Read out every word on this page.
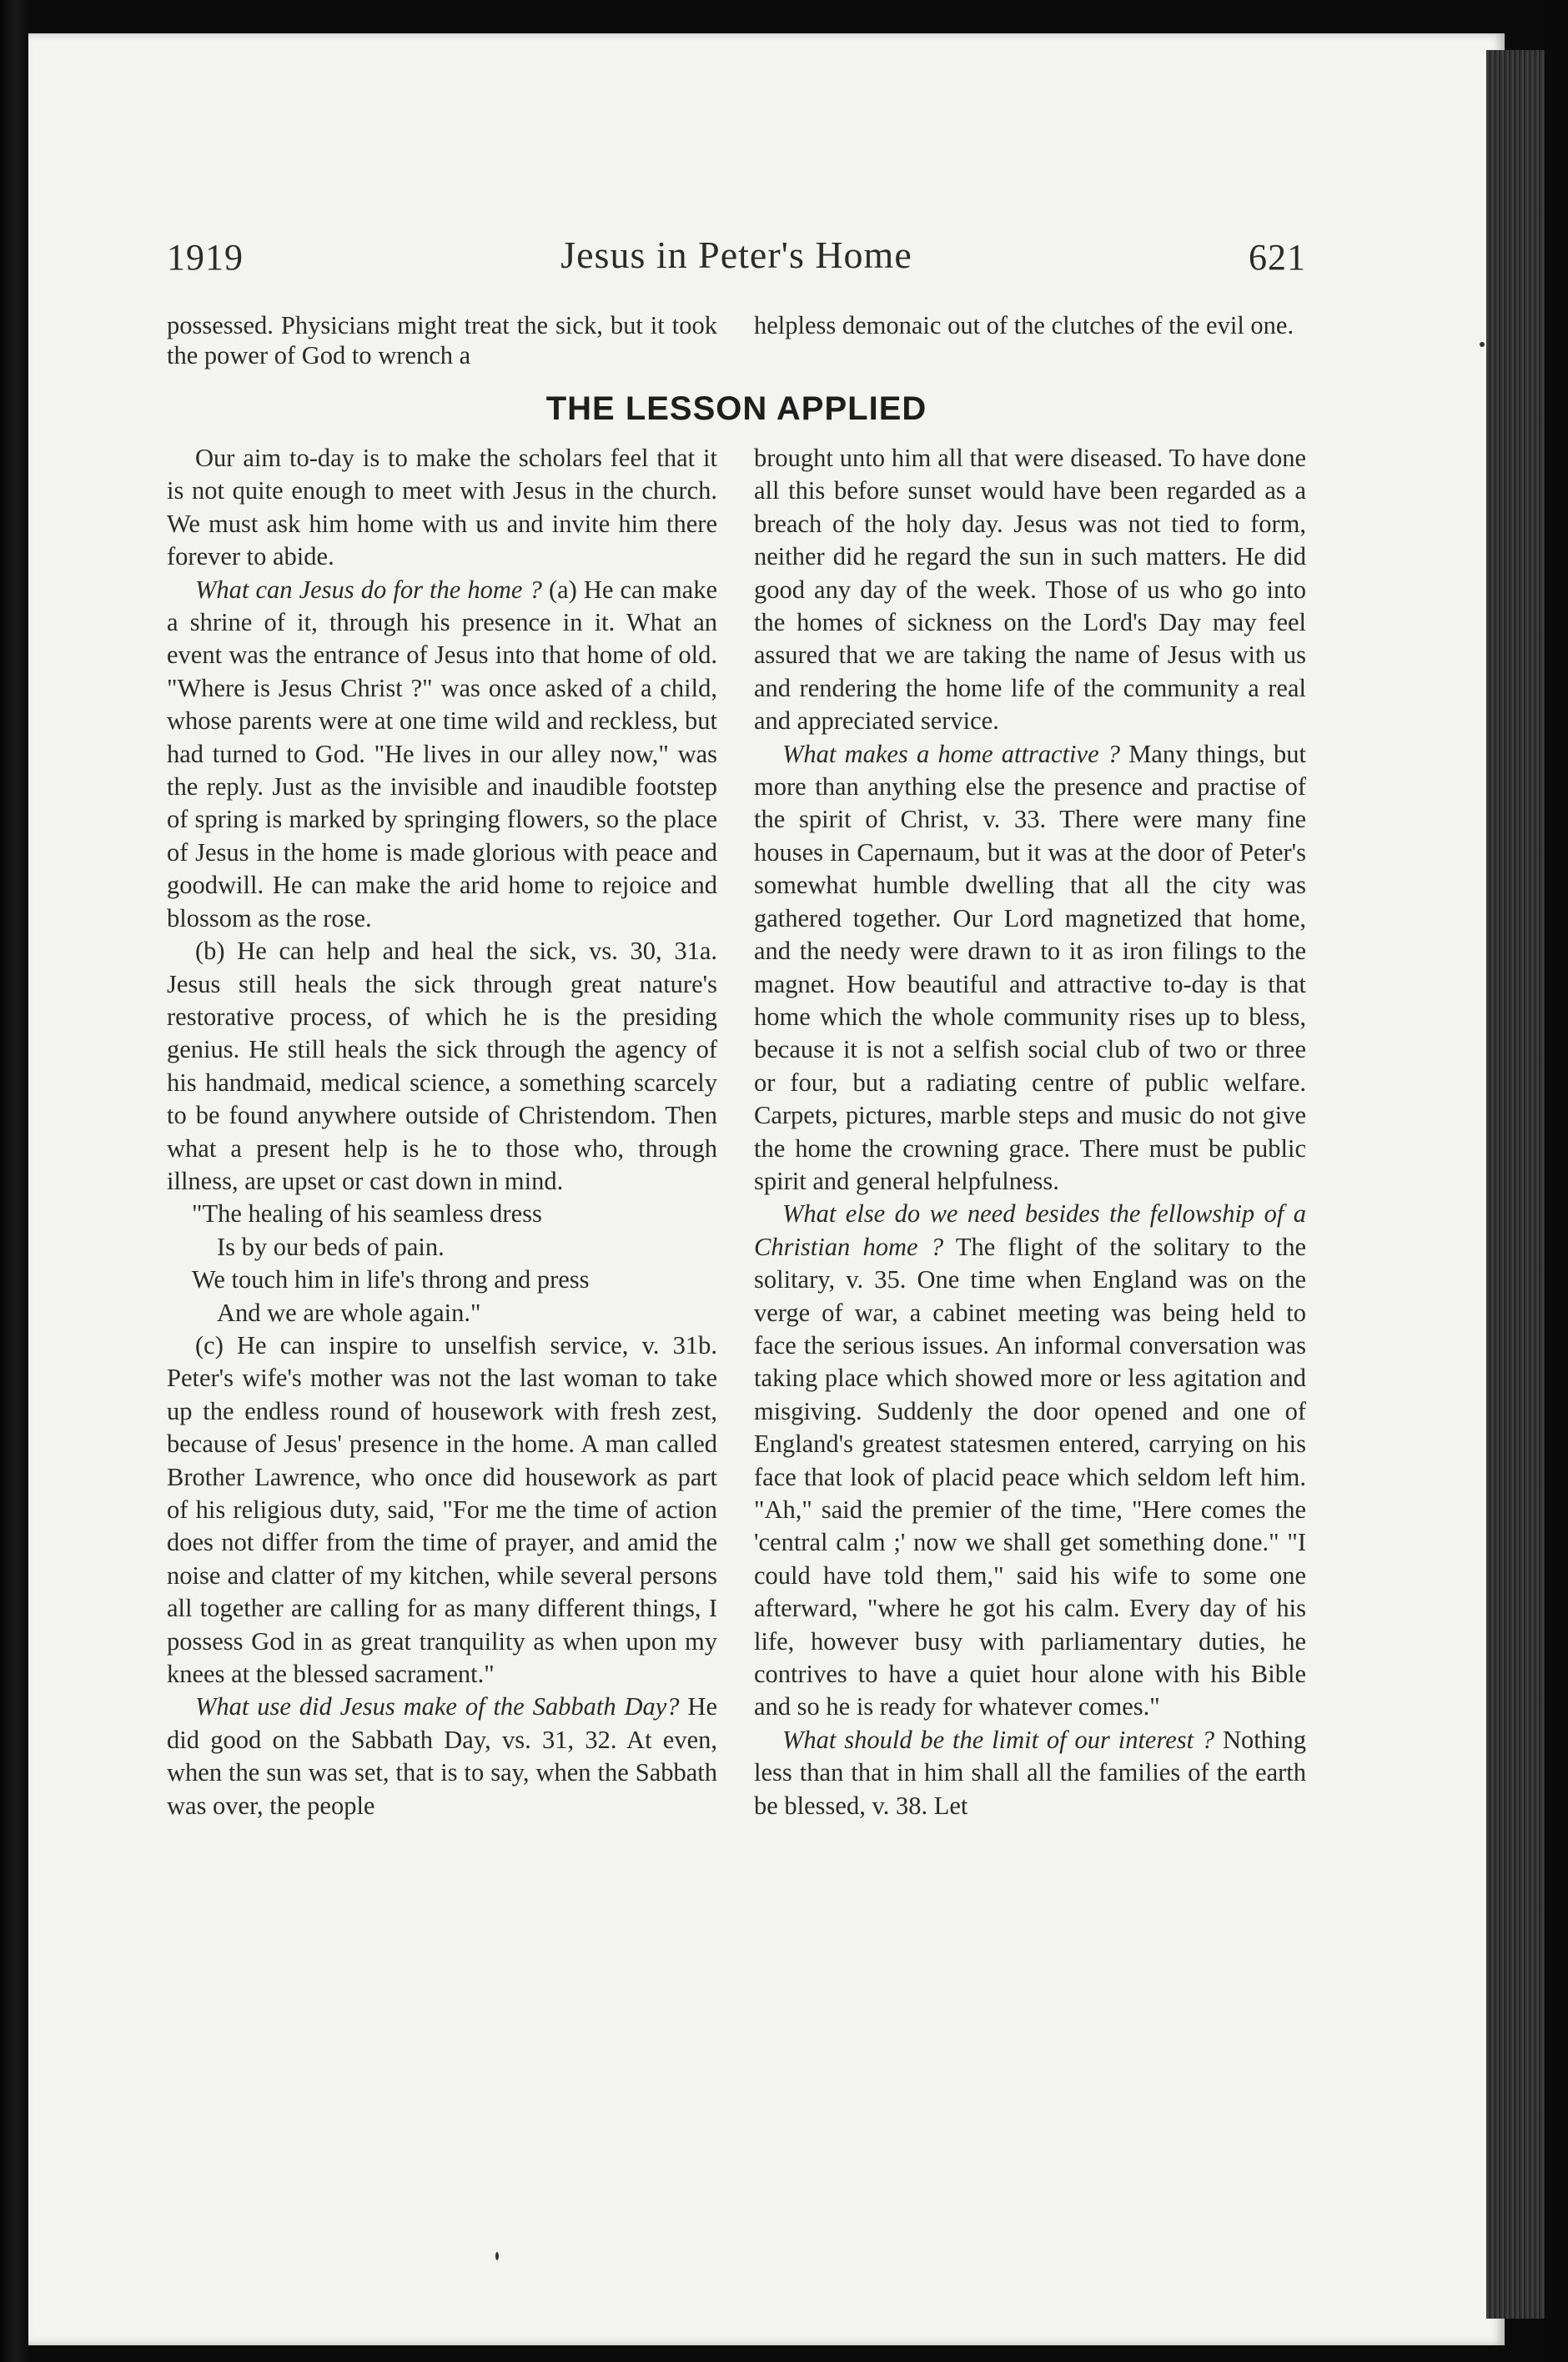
1919	Jesus in Peter's Home	621

possessed. Physicians might treat the sick, but it took the power of God to wrench a

helpless demonaic out of the clutches of the evil one.

THE LESSON APPLIED

Our aim to-day is to make the scholars feel that it is not quite enough to meet with Jesus in the church. We must ask him home with us and invite him there forever to abide.

What can Jesus do for the home ? (a) He can make a shrine of it, through his presence in it. What an event was the entrance of Jesus into that home of old. "Where is Jesus Christ ?" was once asked of a child, whose parents were at one time wild and reckless, but had turned to God. "He lives in our alley now," was the reply. Just as the invisible and inaudible footstep of spring is marked by springing flowers, so the place of Jesus in the home is made glorious with peace and goodwill. He can make the arid home to rejoice and blossom as the rose.

(b) He can help and heal the sick, vs. 30, 31a. Jesus still heals the sick through great nature's restorative process, of which he is the presiding genius. He still heals the sick through the agency of his handmaid, medical science, a something scarcely to be found anywhere outside of Christendom. Then what a present help is he to those who, through illness, are upset or cast down in mind.

"The healing of his seamless dress
Is by our beds of pain.
We touch him in life's throng and press
And we are whole again."

(c) He can inspire to unselfish service, v. 31b. Peter's wife's mother was not the last woman to take up the endless round of housework with fresh zest, because of Jesus' presence in the home. A man called Brother Lawrence, who once did housework as part of his religious duty, said, "For me the time of action does not differ from the time of prayer, and amid the noise and clatter of my kitchen, while several persons all together are calling for as many different things, I possess God in as great tranquility as when upon my knees at the blessed sacrament."

What use did Jesus make of the Sabbath Day? He did good on the Sabbath Day, vs. 31, 32. At even, when the sun was set, that is to say, when the Sabbath was over, the people

brought unto him all that were diseased. To have done all this before sunset would have been regarded as a breach of the holy day. Jesus was not tied to form, neither did he regard the sun in such matters. He did good any day of the week. Those of us who go into the homes of sickness on the Lord's Day may feel assured that we are taking the name of Jesus with us and rendering the home life of the community a real and appreciated service.

What makes a home attractive ? Many things, but more than anything else the presence and practise of the spirit of Christ, v. 33. There were many fine houses in Capernaum, but it was at the door of Peter's somewhat humble dwelling that all the city was gathered together. Our Lord magnetized that home, and the needy were drawn to it as iron filings to the magnet. How beautiful and attractive to-day is that home which the whole community rises up to bless, because it is not a selfish social club of two or three or four, but a radiating centre of public welfare. Carpets, pictures, marble steps and music do not give the home the crowning grace. There must be public spirit and general helpfulness.

What else do we need besides the fellowship of a Christian home ? The flight of the solitary to the solitary, v. 35. One time when England was on the verge of war, a cabinet meeting was being held to face the serious issues. An informal conversation was taking place which showed more or less agitation and misgiving. Suddenly the door opened and one of England's greatest statesmen entered, carrying on his face that look of placid peace which seldom left him. "Ah," said the premier of the time, "Here comes the 'central calm ;' now we shall get something done." "I could have told them," said his wife to some one afterward, "where he got his calm. Every day of his life, however busy with parliamentary duties, he contrives to have a quiet hour alone with his Bible and so he is ready for whatever comes."

What should be the limit of our interest ? Nothing less than that in him shall all the families of the earth be blessed, v. 38. Let
